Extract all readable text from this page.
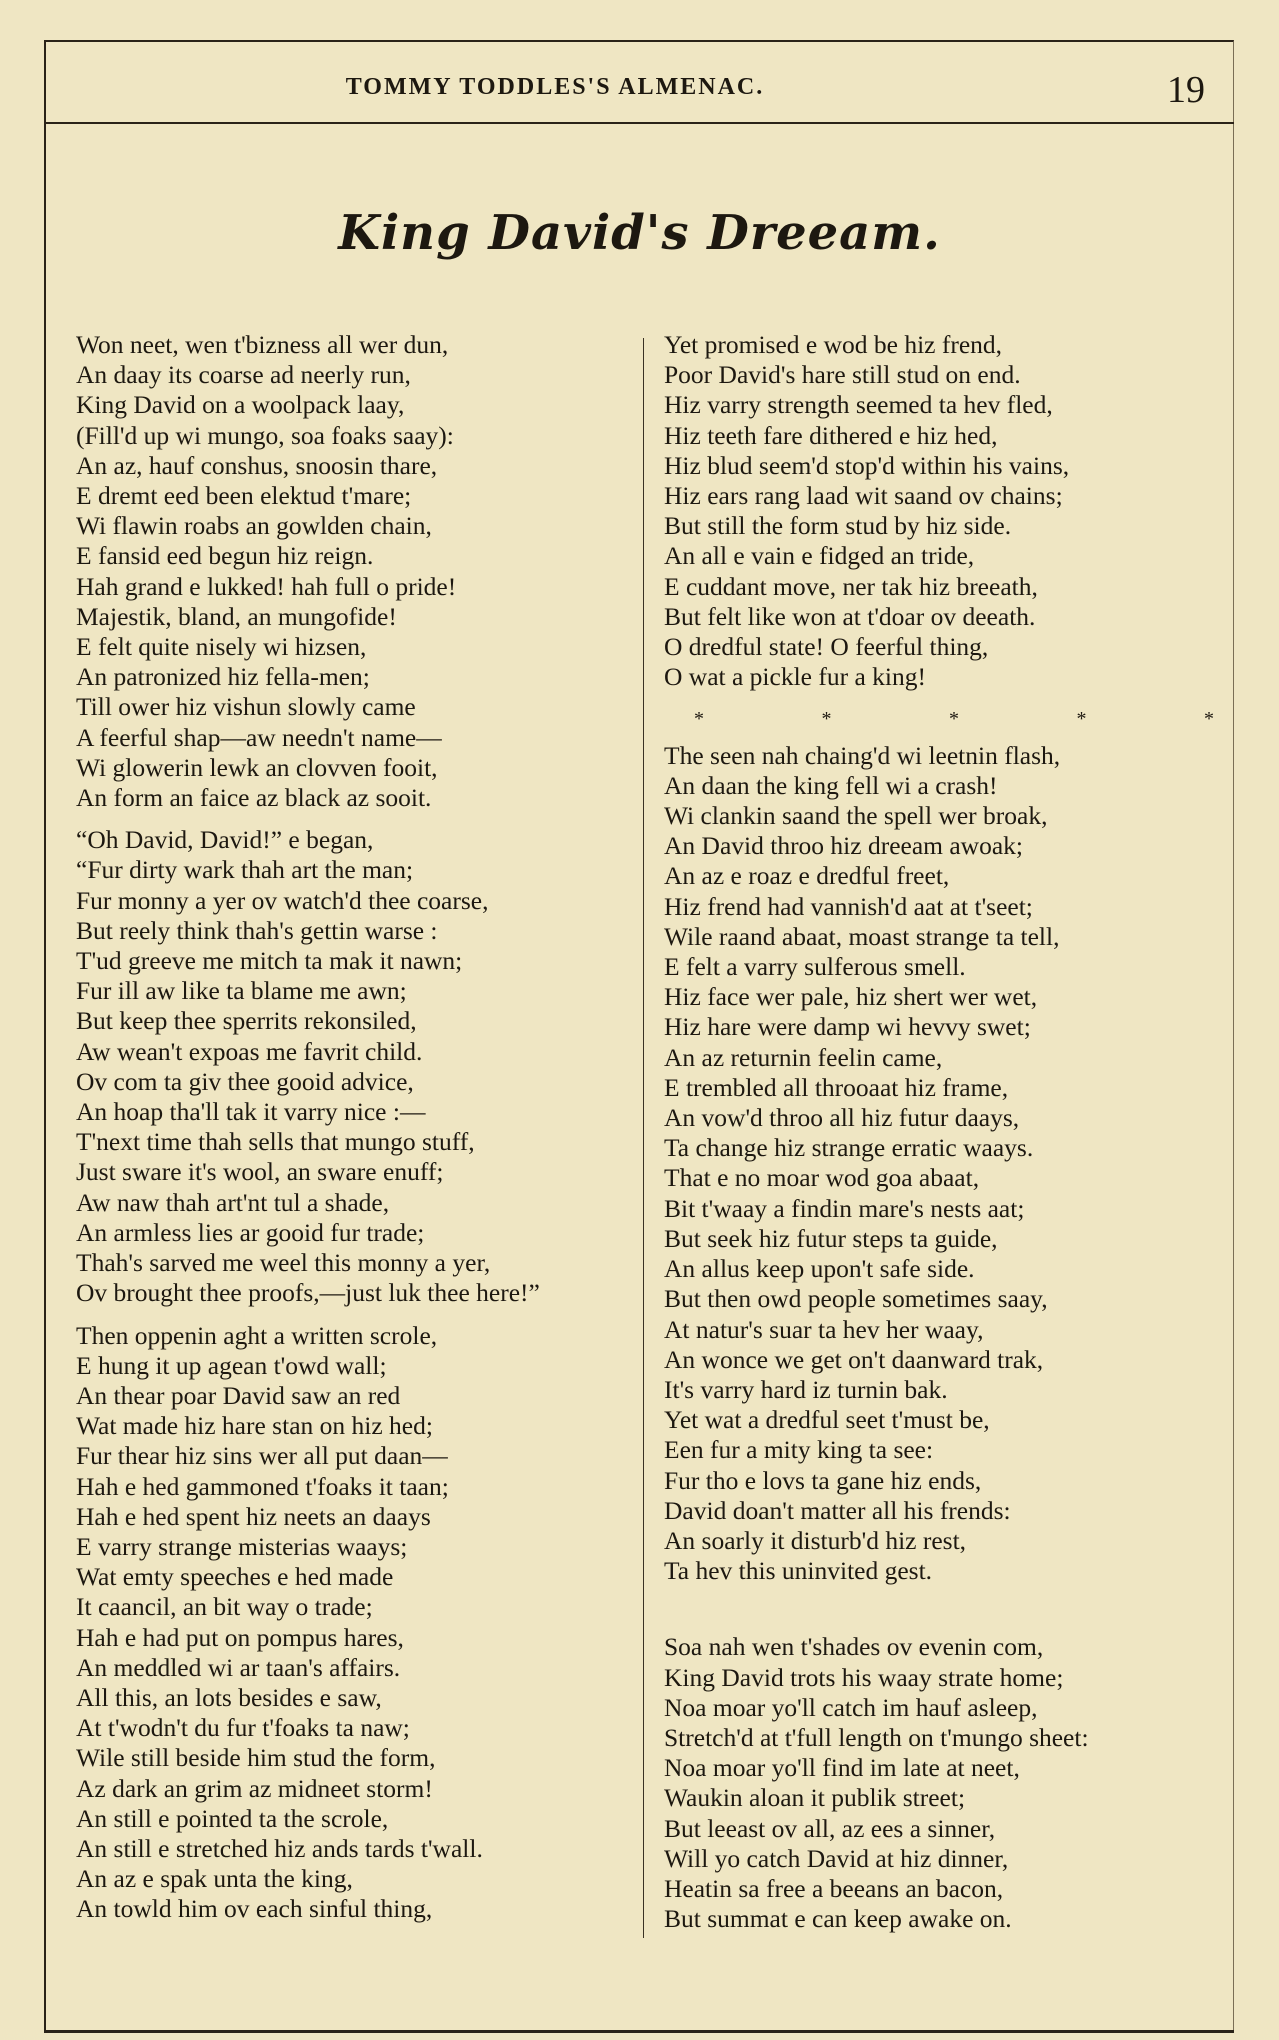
TOMMY TODDLES'S ALMENAC.	19
King David's Dreeam.
Won neet, wen t'bizness all wer dun,
An daay its coarse ad neerly run,
King David on a woolpack laay,
(Fill'd up wi mungo, soa foaks saay):
An az, hauf conshus, snoosin thare,
E dremt eed been elektud t'mare;
Wi flawin roabs an gowlden chain,
E fansid eed begun hiz reign.
Hah grand e lukked! hah full o pride!
Majestik, bland, an mungofide!
E felt quite nisely wi hizsen,
An patronized hiz fella-men;
Till ower hiz vishun slowly came
A feerful shap—aw needn't name—
Wi glowerin lewk an clovven fooit,
An form an faice az black az sooit.
“Oh David, David!” e began,
“Fur dirty wark thah art the man;
Fur monny a yer ov watch'd thee coarse,
But reely think thah's gettin warse :
T'ud greeve me mitch ta mak it nawn;
Fur ill aw like ta blame me awn;
But keep thee sperrits rekonsiled,
Aw wean't expoas me favrit child.
Ov com ta giv thee gooid advice,
An hoap tha'll tak it varry nice :—
T'next time thah sells that mungo stuff,
Just sware it's wool, an sware enuff;
Aw naw thah art'nt tul a shade,
An armless lies ar gooid fur trade;
Thah's sarved me weel this monny a yer,
Ov brought thee proofs,—just luk thee here!”
Then oppenin aght a written scrole,
E hung it up agean t'owd wall;
An thear poar David saw an red
Wat made hiz hare stan on hiz hed;
Fur thear hiz sins wer all put daan—
Hah e hed gammoned t'foaks it taan;
Hah e hed spent hiz neets an daays
E varry strange misterias waays;
Wat emty speeches e hed made
It caancil, an bit way o trade;
Hah e had put on pompus hares,
An meddled wi ar taan's affairs.
All this, an lots besides e saw,
At t'wodn't du fur t'foaks ta naw;
Wile still beside him stud the form,
Az dark an grim az midneet storm!
An still e pointed ta the scrole,
An still e stretched hiz ands tards t'wall.
An az e spak unta the king,
An towld him ov each sinful thing,
Yet promised e wod be hiz frend,
Poor David's hare still stud on end.
Hiz varry strength seemed ta hev fled,
Hiz teeth fare dithered e hiz hed,
Hiz blud seem'd stop'd within his vains,
Hiz ears rang laad wit saand ov chains;
But still the form stud by hiz side.
An all e vain e fidged an tride,
E cuddant move, ner tak hiz breeath,
But felt like won at t'doar ov deeath.
O dredful state! O feerful thing,
O wat a pickle fur a king!
*	*	*	*	*
The seen nah chaing'd wi leetnin flash,
An daan the king fell wi a crash!
Wi clankin saand the spell wer broak,
An David throo hiz dreeam awoak;
An az e roaz e dredful freet,
Hiz frend had vannish'd aat at t'seet;
Wile raand abaat, moast strange ta tell,
E felt a varry sulferous smell.
Hiz face wer pale, hiz shert wer wet,
Hiz hare were damp wi hevvy swet;
An az returnin feelin came,
E trembled all throoaat hiz frame,
An vow'd throo all hiz futur daays,
Ta change hiz strange erratic waays.
That e no moar wod goa abaat,
Bit t'waay a findin mare's nests aat;
But seek hiz futur steps ta guide,
An allus keep upon't safe side.
But then owd people sometimes saay,
At natur's suar ta hev her waay,
An wonce we get on't daanward trak,
It's varry hard iz turnin bak.
Yet wat a dredful seet t'must be,
Een fur a mity king ta see:
Fur tho e lovs ta gane hiz ends,
David doan't matter all his frends:
An soarly it disturb'd hiz rest,
Ta hev this uninvited gest.
Soa nah wen t'shades ov evenin com,
King David trots his waay strate home;
Noa moar yo'll catch im hauf asleep,
Stretch'd at t'full length on t'mungo sheet:
Noa moar yo'll find im late at neet,
Waukin aloan it publik street;
But leeast ov all, az ees a sinner,
Will yo catch David at hiz dinner,
Heatin sa free a beeans an bacon,
But summat e can keep awake on.
